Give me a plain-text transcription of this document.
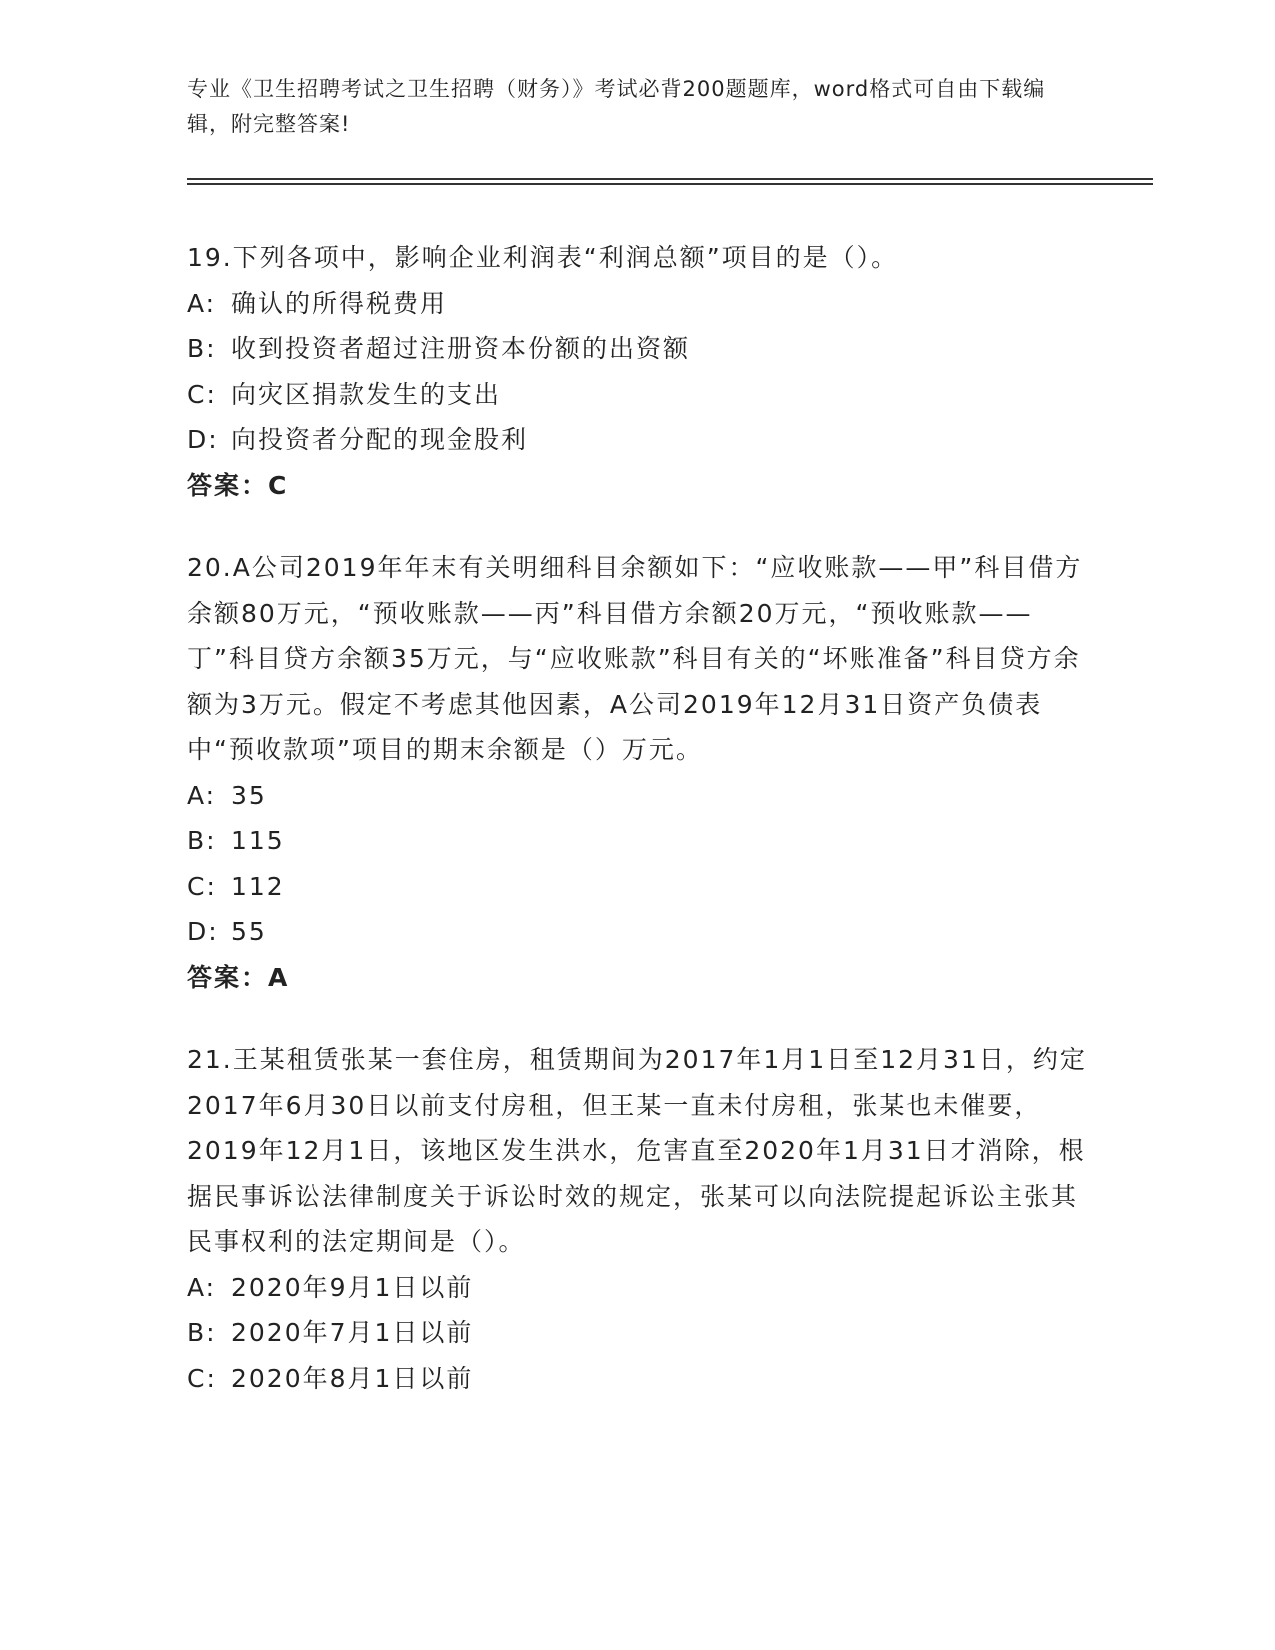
专业《卫生招聘考试之卫生招聘（财务）》考试必背200题题库，word格式可自由下载编辑，附完整答案!

19.下列各项中，影响企业利润表“利润总额”项目的是（）。

A: 确认的所得税费用

B: 收到投资者超过注册资本份额的出资额

C: 向灾区捐款发生的支出

D: 向投资者分配的现金股利

答案：C

20.A公司2019年年末有关明细科目余额如下：“应收账款——甲”科目借方余额80万元，“预收账款——丙”科目借方余额20万元，“预收账款——丁”科目贷方余额35万元，与“应收账款”科目有关的“坏账准备”科目贷方余额为3万元。假定不考虑其他因素，A公司2019年12月31日资产负债表中“预收款项”项目的期末余额是（）万元。

A: 35

B: 115

C: 112

D: 55

答案：A

21.王某租赁张某一套住房，租赁期间为2017年1月1日至12月31日，约定2017年6月30日以前支付房租，但王某一直未付房租，张某也未催要，2019年12月1日，该地区发生洪水，危害直至2020年1月31日才消除，根据民事诉讼法律制度关于诉讼时效的规定，张某可以向法院提起诉讼主张其民事权利的法定期间是（）。

A: 2020年9月1日以前

B: 2020年7月1日以前

C: 2020年8月1日以前
